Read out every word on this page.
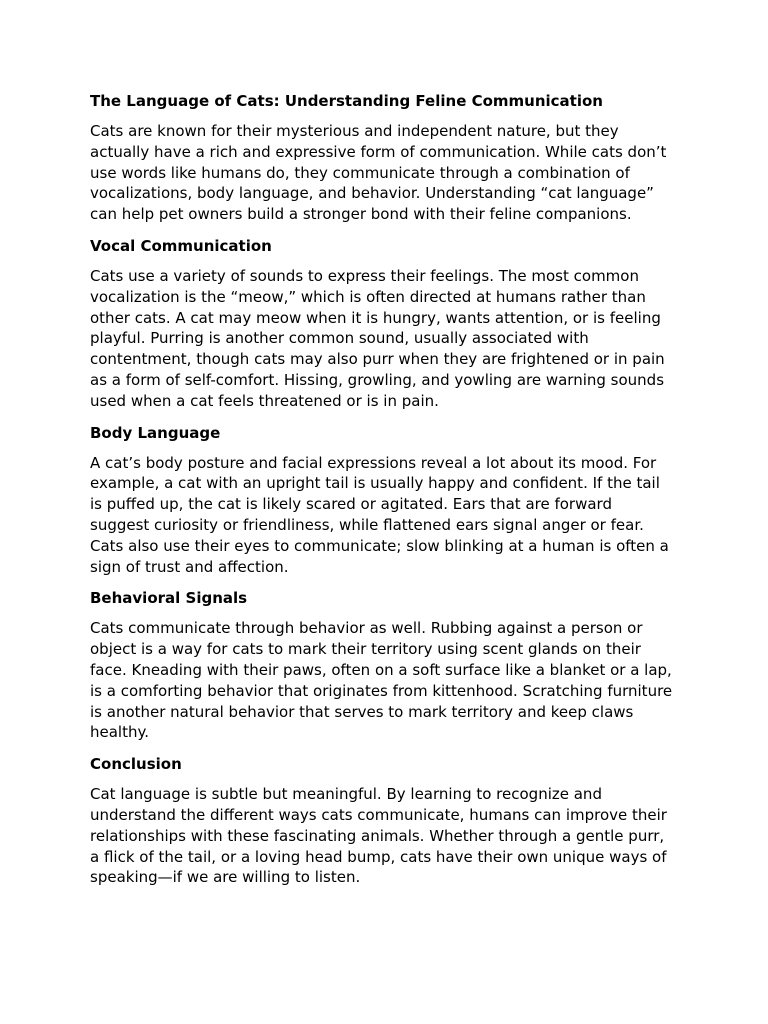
The Language of Cats: Understanding Feline Communication
Cats are known for their mysterious and independent nature, but they
actually have a rich and expressive form of communication. While cats don’t
use words like humans do, they communicate through a combination of
vocalizations, body language, and behavior. Understanding “cat language”
can help pet owners build a stronger bond with their feline companions.
Vocal Communication
Cats use a variety of sounds to express their feelings. The most common
vocalization is the “meow,” which is often directed at humans rather than
other cats. A cat may meow when it is hungry, wants attention, or is feeling
playful. Purring is another common sound, usually associated with
contentment, though cats may also purr when they are frightened or in pain
as a form of self-comfort. Hissing, growling, and yowling are warning sounds
used when a cat feels threatened or is in pain.
Body Language
A cat’s body posture and facial expressions reveal a lot about its mood. For
example, a cat with an upright tail is usually happy and confident. If the tail
is puffed up, the cat is likely scared or agitated. Ears that are forward
suggest curiosity or friendliness, while flattened ears signal anger or fear.
Cats also use their eyes to communicate; slow blinking at a human is often a
sign of trust and affection.
Behavioral Signals
Cats communicate through behavior as well. Rubbing against a person or
object is a way for cats to mark their territory using scent glands on their
face. Kneading with their paws, often on a soft surface like a blanket or a lap,
is a comforting behavior that originates from kittenhood. Scratching furniture
is another natural behavior that serves to mark territory and keep claws
healthy.
Conclusion
Cat language is subtle but meaningful. By learning to recognize and
understand the different ways cats communicate, humans can improve their
relationships with these fascinating animals. Whether through a gentle purr,
a flick of the tail, or a loving head bump, cats have their own unique ways of
speaking—if we are willing to listen.
